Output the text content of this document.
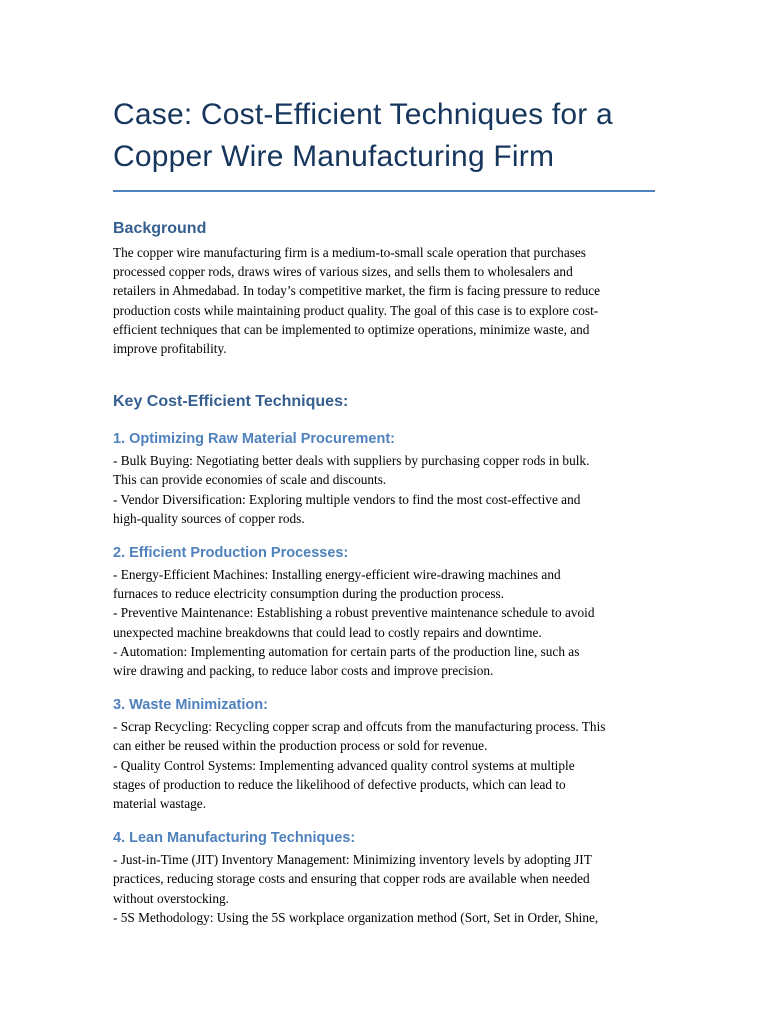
Case: Cost-Efficient Techniques for a
Copper Wire Manufacturing Firm
Background

The copper wire manufacturing firm is a medium-to-small scale operation that purchases
processed copper rods, draws wires of various sizes, and sells them to wholesalers and
retailers in Ahmedabad. In today’s competitive market, the firm is facing pressure to reduce
production costs while maintaining product quality. The goal of this case is to explore cost-
efficient techniques that can be implemented to optimize operations, minimize waste, and
improve profitability.

Key Cost-Efficient Techniques:
1. Optimizing Raw Material Procurement:

- Bulk Buying: Negotiating better deals with suppliers by purchasing copper rods in bulk.
This can provide economies of scale and discounts.
- Vendor Diversification: Exploring multiple vendors to find the most cost-effective and
high-quality sources of copper rods.

2. Efficient Production Processes:

- Energy-Efficient Machines: Installing energy-efficient wire-drawing machines and
furnaces to reduce electricity consumption during the production process.
- Preventive Maintenance: Establishing a robust preventive maintenance schedule to avoid
unexpected machine breakdowns that could lead to costly repairs and downtime.
- Automation: Implementing automation for certain parts of the production line, such as
wire drawing and packing, to reduce labor costs and improve precision.

3. Waste Minimization:

- Scrap Recycling: Recycling copper scrap and offcuts from the manufacturing process. This
can either be reused within the production process or sold for revenue.
- Quality Control Systems: Implementing advanced quality control systems at multiple
stages of production to reduce the likelihood of defective products, which can lead to
material wastage.

4. Lean Manufacturing Techniques:

- Just-in-Time (JIT) Inventory Management: Minimizing inventory levels by adopting JIT
practices, reducing storage costs and ensuring that copper rods are available when needed
without overstocking.
- 5S Methodology: Using the 5S workplace organization method (Sort, Set in Order, Shine,
